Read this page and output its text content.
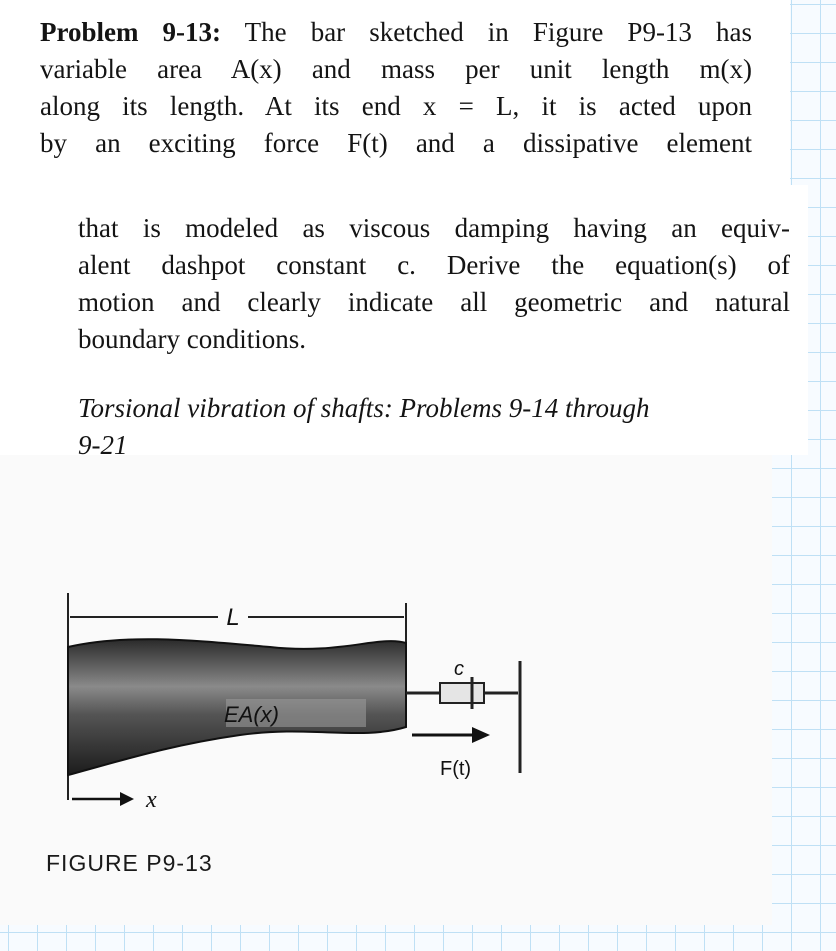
Problem 9-13: The bar sketched in Figure P9-13 has
variable area A(x) and mass per unit length m(x)
along its length. At its end x = L, it is acted upon
by an exciting force F(t) and a dissipative element
that is modeled as viscous damping having an equiv-
alent dashpot constant c. Derive the equation(s) of
motion and clearly indicate all geometric and natural
boundary conditions.
Torsional vibration of shafts: Problems 9-14 through
9-21
L
EA(x)
c
F(t)
x
FIGURE P9-13
